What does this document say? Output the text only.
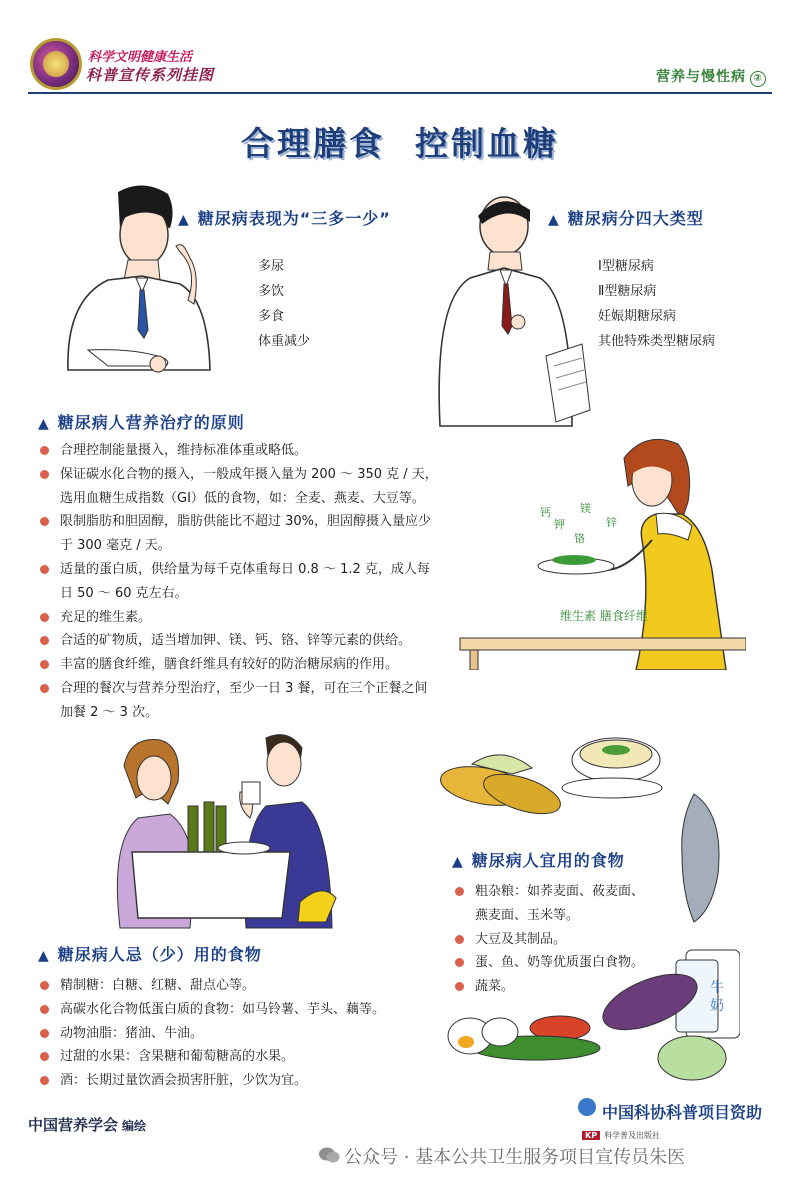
科学文明健康生活
科普宣传系列挂图	营养与慢性病 ②
合理膳食 控制血糖
▲ 糖尿病表现为“三多一少”
多尿
多饮
多食
体重减少
▲ 糖尿病分四大类型
Ⅰ型糖尿病
Ⅱ型糖尿病
妊娠期糖尿病
其他特殊类型糖尿病
▲ 糖尿病人营养治疗的原则
合理控制能量摄入，维持标准体重或略低。
保证碳水化合物的摄入，一般成年摄入量为 200 ～ 350 克 / 天，
选用血糖生成指数（GI）低的食物，如：全麦、燕麦、大豆等。
限制脂肪和胆固醇，脂肪供能比不超过 30%，胆固醇摄入量应少
于 300 毫克 / 天。
适量的蛋白质，供给量为每千克体重每日 0.8 ～ 1.2 克，成人每
日 50 ～ 60 克左右。
充足的维生素。
合适的矿物质，适当增加钾、镁、钙、铬、锌等元素的供给。
丰富的膳食纤维，膳食纤维具有较好的防治糖尿病的作用。
合理的餐次与营养分型治疗，至少一日 3 餐，可在三个正餐之间
加餐 2 ～ 3 次。
钙	镁
锌
钾
铬
维生素 膳食纤维
▲ 糖尿病人宜用的食物
粗杂粮：如荞麦面、莜麦面、
燕麦面、玉米等。
大豆及其制品。
蛋、鱼、奶等优质蛋白食物。
蔬菜。	牛
奶
▲ 糖尿病人忌（少）用的食物
精制糖：白糖、红糖、甜点心等。
高碳水化合物低蛋白质的食物：如马铃薯、芋头、藕等。
动物油脂：猪油、牛油。
过甜的水果：含果糖和葡萄糖高的水果。
酒：长期过量饮酒会损害肝脏，少饮为宜。
中国营养学会 编绘
中国科协科普项目资助
KP 科学普及出版社
公众号 · 基本公共卫生服务项目宣传员朱医
